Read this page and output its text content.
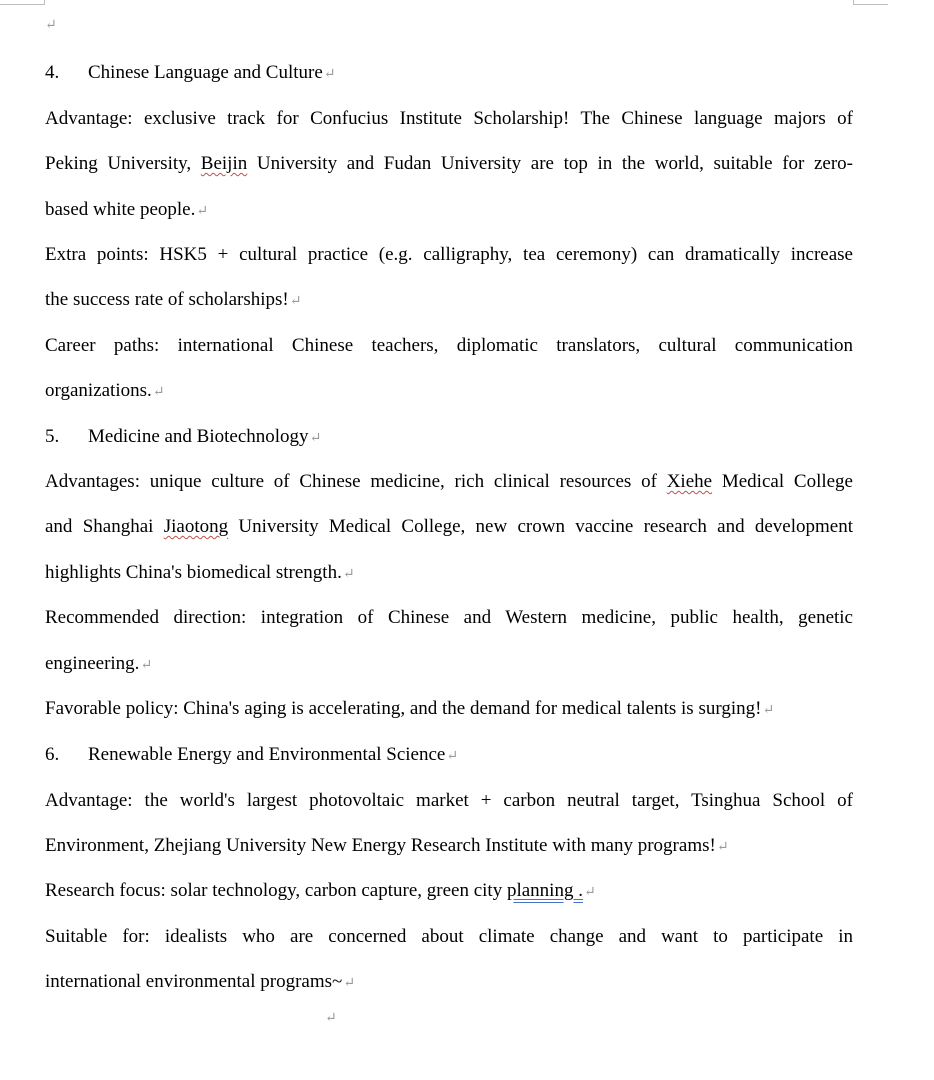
↵
4. Chinese Language and Culture↵
Advantage: exclusive track for Confucius Institute Scholarship! The Chinese language majors of
Peking University, Beijin University and Fudan University are top in the world, suitable for zero-
based white people.↵
Extra points: HSK5 + cultural practice (e.g. calligraphy, tea ceremony) can dramatically increase
the success rate of scholarships!↵
Career paths: international Chinese teachers, diplomatic translators, cultural communication
organizations.↵
5. Medicine and Biotechnology↵
Advantages: unique culture of Chinese medicine, rich clinical resources of Xiehe Medical College
and Shanghai Jiaotong University Medical College, new crown vaccine research and development
highlights China's biomedical strength.↵
Recommended direction: integration of Chinese and Western medicine, public health, genetic
engineering.↵
Favorable policy: China's aging is accelerating, and the demand for medical talents is surging!↵
6. Renewable Energy and Environmental Science↵
Advantage: the world's largest photovoltaic market + carbon neutral target, Tsinghua School of
Environment, Zhejiang University New Energy Research Institute with many programs!↵
Research focus: solar technology, carbon capture, green city planning .↵
Suitable for: idealists who are concerned about climate change and want to participate in
international environmental programs~↵
↵
